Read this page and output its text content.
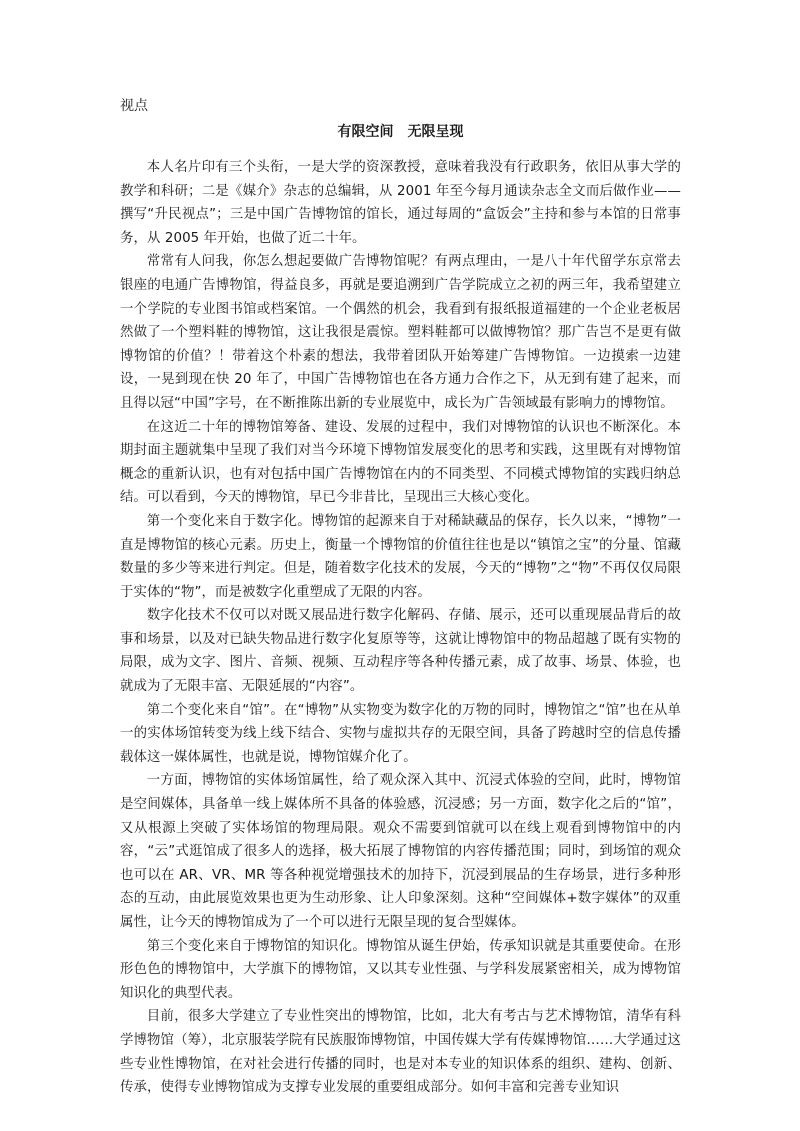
视点
有限空间　无限呈现

本人名片印有三个头衔，一是大学的资深教授，意味着我没有行政职务，依旧从事大学的教学和科研；二是《媒介》杂志的总编辑，从 2001 年至今每月通读杂志全文而后做作业——撰写“升民视点”；三是中国广告博物馆的馆长，通过每周的“盒饭会”主持和参与本馆的日常事务，从 2005 年开始，也做了近二十年。

常常有人问我，你怎么想起要做广告博物馆呢？有两点理由，一是八十年代留学东京常去银座的电通广告博物馆，得益良多，再就是要追溯到广告学院成立之初的两三年，我希望建立一个学院的专业图书馆或档案馆。一个偶然的机会，我看到有报纸报道福建的一个企业老板居然做了一个塑料鞋的博物馆，这让我很是震惊。塑料鞋都可以做博物馆？那广告岂不是更有做博物馆的价值？！带着这个朴素的想法，我带着团队开始筹建广告博物馆。一边摸索一边建设，一晃到现在快 20 年了，中国广告博物馆也在各方通力合作之下，从无到有建了起来，而且得以冠“中国”字号，在不断推陈出新的专业展览中，成长为广告领域最有影响力的博物馆。

在这近二十年的博物馆筹备、建设、发展的过程中，我们对博物馆的认识也不断深化。本期封面主题就集中呈现了我们对当今环境下博物馆发展变化的思考和实践，这里既有对博物馆概念的重新认识，也有对包括中国广告博物馆在内的不同类型、不同模式博物馆的实践归纳总结。可以看到，今天的博物馆，早已今非昔比，呈现出三大核心变化。

第一个变化来自于数字化。博物馆的起源来自于对稀缺藏品的保存，长久以来，“博物”一直是博物馆的核心元素。历史上，衡量一个博物馆的价值往往也是以“镇馆之宝”的分量、馆藏数量的多少等来进行判定。但是，随着数字化技术的发展，今天的“博物”之“物”不再仅仅局限于实体的“物”，而是被数字化重塑成了无限的内容。

数字化技术不仅可以对既又展品进行数字化解码、存储、展示，还可以重现展品背后的故事和场景，以及对已缺失物品进行数字化复原等等，这就让博物馆中的物品超越了既有实物的局限，成为文字、图片、音频、视频、互动程序等各种传播元素，成了故事、场景、体验，也就成为了无限丰富、无限延展的“内容”。

第二个变化来自“馆”。在“博物”从实物变为数字化的万物的同时，博物馆之“馆”也在从单一的实体场馆转变为线上线下结合、实物与虚拟共存的无限空间，具备了跨越时空的信息传播载体这一媒体属性，也就是说，博物馆媒介化了。

一方面，博物馆的实体场馆属性，给了观众深入其中、沉浸式体验的空间，此时，博物馆是空间媒体，具备单一线上媒体所不具备的体验感，沉浸感；另一方面，数字化之后的“馆”，又从根源上突破了实体场馆的物理局限。观众不需要到馆就可以在线上观看到博物馆中的内容，“云”式逛馆成了很多人的选择，极大拓展了博物馆的内容传播范围；同时，到场馆的观众也可以在 AR、VR、MR 等各种视觉增强技术的加持下，沉浸到展品的生存场景，进行多种形态的互动，由此展览效果也更为生动形象、让人印象深刻。这种“空间媒体+数字媒体”的双重属性，让今天的博物馆成为了一个可以进行无限呈现的复合型媒体。

第三个变化来自于博物馆的知识化。博物馆从诞生伊始，传承知识就是其重要使命。在形形色色的博物馆中，大学旗下的博物馆，又以其专业性强、与学科发展紧密相关，成为博物馆知识化的典型代表。

目前，很多大学建立了专业性突出的博物馆，比如，北大有考古与艺术博物馆，清华有科学博物馆（筹），北京服装学院有民族服饰博物馆，中国传媒大学有传媒博物馆……大学通过这些专业性博物馆，在对社会进行传播的同时，也是对本专业的知识体系的组织、建构、创新、传承，使得专业博物馆成为支撑专业发展的重要组成部分。如何丰富和完善专业知识
